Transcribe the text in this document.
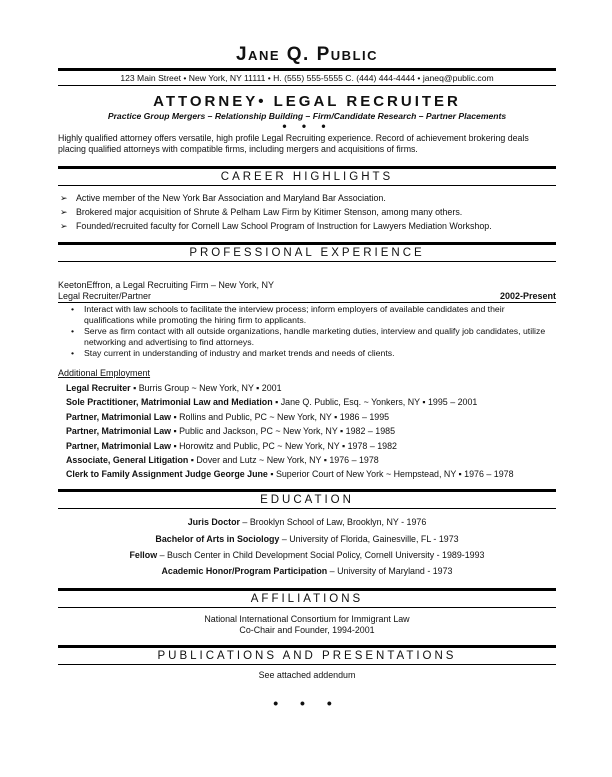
Jane Q. Public
123 Main Street • New York, NY 11111 • H. (555) 555-5555 C. (444) 444-4444 • janeq@public.com
ATTORNEY• LEGAL RECRUITER
Practice Group Mergers – Relationship Building – Firm/Candidate Research – Partner Placements
• • •
Highly qualified attorney offers versatile, high profile Legal Recruiting experience. Record of achievement brokering deals placing qualified attorneys with compatible firms, including mergers and acquisitions of firms.
CAREER HIGHLIGHTS
➢ Active member of the New York Bar Association and Maryland Bar Association.
➢ Brokered major acquisition of Shrute & Pelham Law Firm by Kitimer Stenson, among many others.
➢ Founded/recruited faculty for Cornell Law School Program of Instruction for Lawyers Mediation Workshop.
PROFESSIONAL EXPERIENCE
KeetonEffron, a Legal Recruiting Firm – New York, NY
Legal Recruiter/Partner	2002-Present
• Interact with law schools to facilitate the interview process; inform employers of available candidates and their qualifications while promoting the hiring firm to applicants.
• Serve as firm contact with all outside organizations, handle marketing duties, interview and qualify job candidates, utilize networking and advertising to find attorneys.
• Stay current in understanding of industry and market trends and needs of clients.
Additional Employment
Legal Recruiter ▪ Burris Group ~ New York, NY ▪ 2001
Sole Practitioner, Matrimonial Law and Mediation ▪ Jane Q. Public, Esq. ~ Yonkers, NY ▪ 1995 – 2001
Partner, Matrimonial Law ▪ Rollins and Public, PC ~ New York, NY ▪ 1986 – 1995
Partner, Matrimonial Law ▪ Public and Jackson, PC ~ New York, NY ▪ 1982 – 1985
Partner, Matrimonial Law ▪ Horowitz and Public, PC ~ New York, NY ▪ 1978 – 1982
Associate, General Litigation ▪ Dover and Lutz ~ New York, NY ▪ 1976 – 1978
Clerk to Family Assignment Judge George June ▪ Superior Court of New York ~ Hempstead, NY ▪ 1976 – 1978
EDUCATION
Juris Doctor – Brooklyn School of Law, Brooklyn, NY - 1976
Bachelor of Arts in Sociology – University of Florida, Gainesville, FL - 1973
Fellow – Busch Center in Child Development Social Policy, Cornell University - 1989-1993
Academic Honor/Program Participation – University of Maryland - 1973
AFFILIATIONS
National International Consortium for Immigrant Law
Co-Chair and Founder, 1994-2001
PUBLICATIONS AND PRESENTATIONS
See attached addendum
• • •
